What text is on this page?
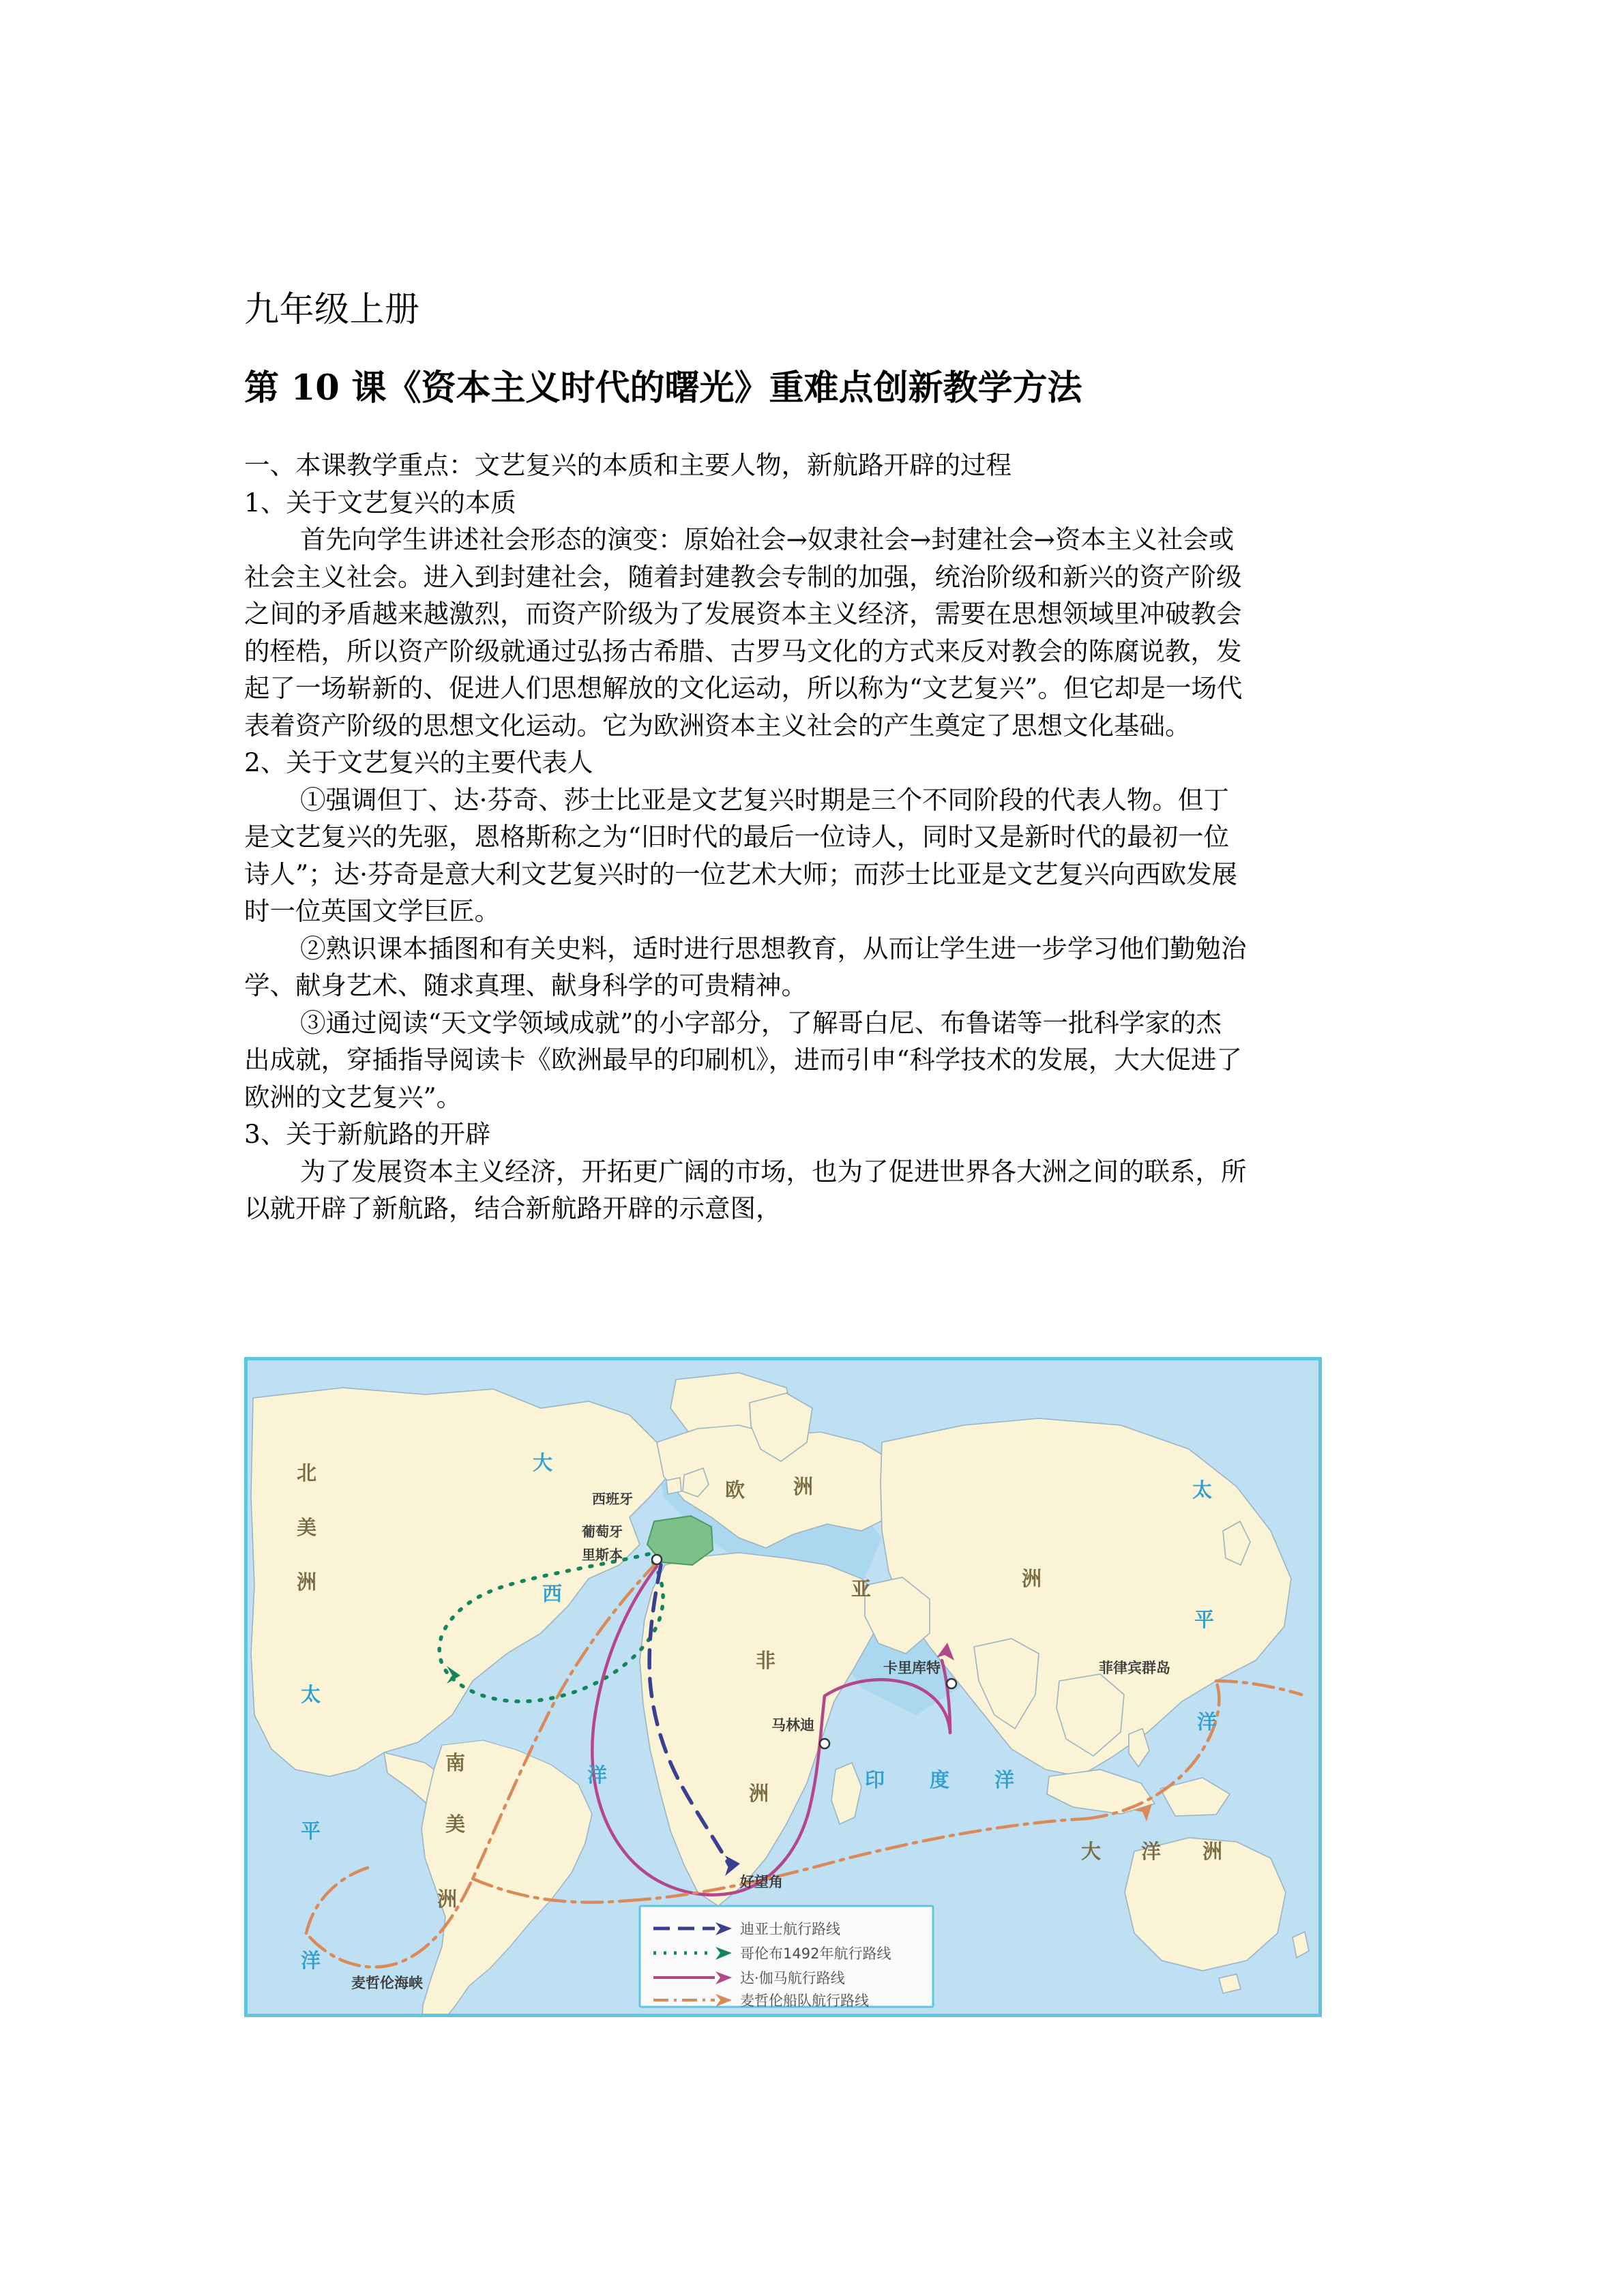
九年级上册
第 10 课《资本主义时代的曙光》重难点创新教学方法
一、本课教学重点：文艺复兴的本质和主要人物，新航路开辟的过程
1、关于文艺复兴的本质
首先向学生讲述社会形态的演变：原始社会→奴隶社会→封建社会→资本主义社会或
社会主义社会。进入到封建社会，随着封建教会专制的加强，统治阶级和新兴的资产阶级
之间的矛盾越来越激烈，而资产阶级为了发展资本主义经济，需要在思想领域里冲破教会
的桎梏，所以资产阶级就通过弘扬古希腊、古罗马文化的方式来反对教会的陈腐说教，发
起了一场崭新的、促进人们思想解放的文化运动，所以称为“文艺复兴”。但它却是一场代
表着资产阶级的思想文化运动。它为欧洲资本主义社会的产生奠定了思想文化基础。
2、关于文艺复兴的主要代表人
①强调但丁、达·芬奇、莎士比亚是文艺复兴时期是三个不同阶段的代表人物。但丁
是文艺复兴的先驱，恩格斯称之为“旧时代的最后一位诗人，同时又是新时代的最初一位
诗人”；达·芬奇是意大利文艺复兴时的一位艺术大师；而莎士比亚是文艺复兴向西欧发展
时一位英国文学巨匠。
②熟识课本插图和有关史料，适时进行思想教育，从而让学生进一步学习他们勤勉治
学、献身艺术、随求真理、献身科学的可贵精神。
③通过阅读“天文学领域成就”的小字部分，了解哥白尼、布鲁诺等一批科学家的杰
出成就，穿插指导阅读卡《欧洲最早的印刷机》，进而引申“科学技术的发展，大大促进了
欧洲的文艺复兴”。
3、关于新航路的开辟
为了发展资本主义经济，开拓更广阔的市场，也为了促进世界各大洲之间的联系，所
以就开辟了新航路，结合新航路开辟的示意图，
北
美
洲
南
美
洲
欧 洲
亚	洲
非
洲
大 洋 洲
大
西
洋
太
平
洋
太
平
洋
印 度 洋
西班牙
葡萄牙
里斯本
卡里库特
马林迪
好望角
菲律宾群岛
麦哲伦海峡
迪亚士航行路线
哥伦布1492年航行路线
达·伽马航行路线
麦哲伦船队航行路线
